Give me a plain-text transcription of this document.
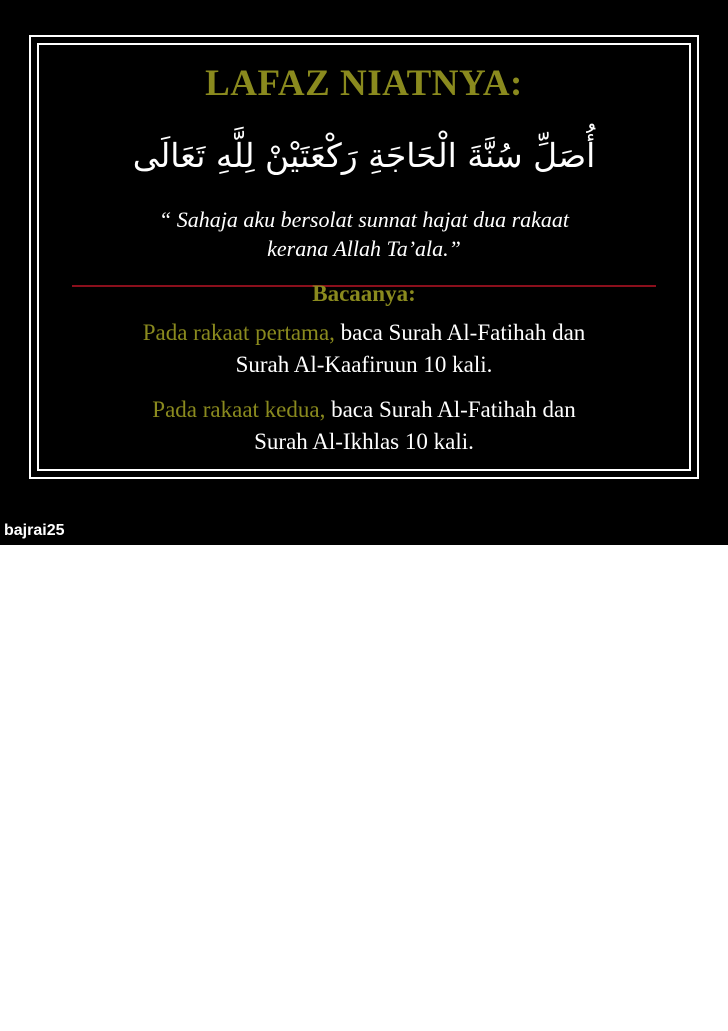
LAFAZ NIATNYA:
أُصَلِّ سُنَّةَ الْحَاجَةِ رَكْعَتَيْنْ لِلَّهِ تَعَالَى
“ Sahaja aku bersolat sunnat hajat dua rakaat
kerana Allah Ta’ala.”
Bacaanya:
Pada rakaat pertama, baca Surah Al-Fatihah dan
Surah Al-Kaafiruun 10 kali.
Pada rakaat kedua, baca Surah Al-Fatihah dan
Surah Al-Ikhlas 10 kali.
bajrai25
